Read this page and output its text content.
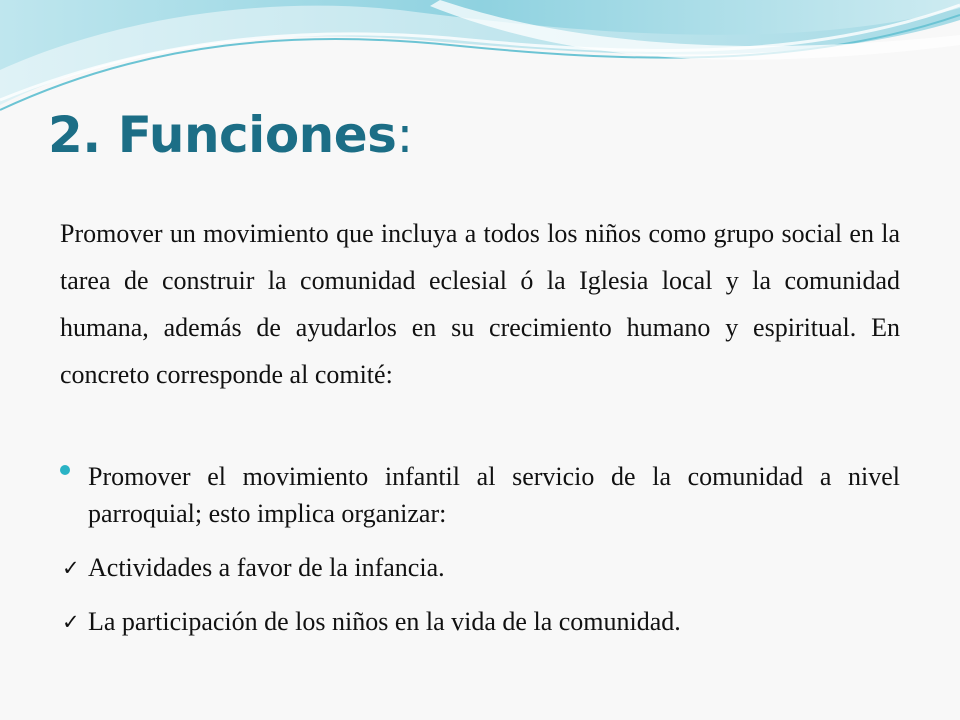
2. Funciones:

Promover un movimiento que incluya a todos los niños como grupo social en la tarea de construir la comunidad eclesial ó la Iglesia local y la comunidad humana, además de ayudarlos en su crecimiento humano y espiritual. En concreto corresponde al comité:

Promover el movimiento infantil al servicio de la comunidad a nivel parroquial; esto implica organizar:
✓ Actividades a favor de la infancia.
✓ La participación de los niños en la vida de la comunidad.
